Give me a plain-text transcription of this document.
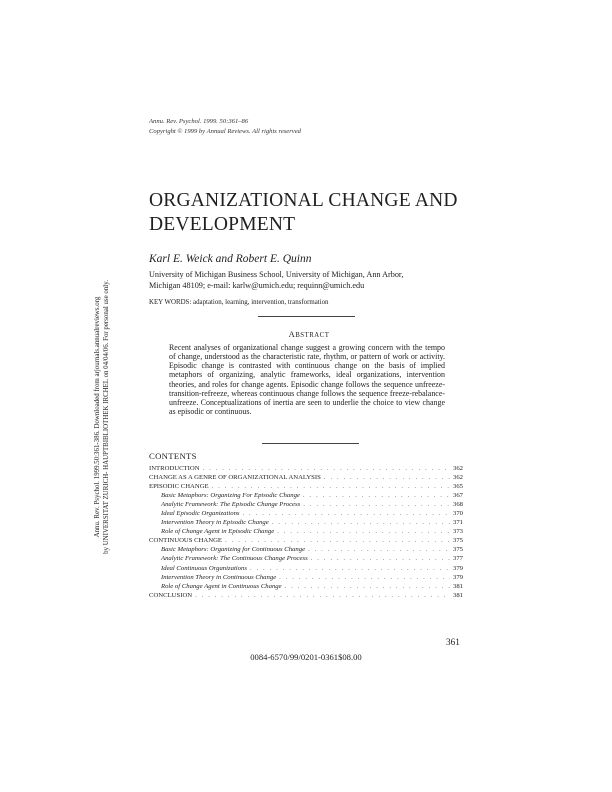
Annu. Rev. Psychol. 1999. 50:361–86
Copyright © 1999 by Annual Reviews. All rights reserved
ORGANIZATIONAL CHANGE AND
DEVELOPMENT
Karl E. Weick and Robert E. Quinn
University of Michigan Business School, University of Michigan, Ann Arbor,
Michigan 48109; e-mail: karlw@umich.edu; requinn@umich.edu
KEY WORDS: adaptation, learning, intervention, transformation
ABSTRACT
Recent analyses of organizational change suggest a growing concern with the tempo of change, understood as the characteristic rate, rhythm, or pattern of work or activity. Episodic change is contrasted with continuous change on the basis of implied metaphors of organizing, analytic frameworks, ideal organizations, intervention theories, and roles for change agents. Episodic change follows the sequence unfreeze-transition-refreeze, whereas continuous change follows the sequence freeze-rebalance-unfreeze. Conceptualizations of inertia are seen to underlie the choice to view change as episodic or continuous.
CONTENTS
INTRODUCTION . . .	362
CHANGE AS A GENRE OF ORGANIZATIONAL ANALYSIS . . .	362
EPISODIC CHANGE . . .	365
Basic Metaphors: Organizing For Episodic Change . . .	367
Analytic Framework: The Episodic Change Process . . .	368
Ideal Episodic Organizations . . .	370
Intervention Theory in Episodic Change . . .	371
Role of Change Agent in Episodic Change . . .	373
CONTINUOUS CHANGE . . .	375
Basic Metaphors: Organizing for Continuous Change . . .	375
Analytic Framework: The Continuous Change Process . . .	377
Ideal Continuous Organizations . . .	379
Intervention Theory in Continuous Change . . .	379
Role of Change Agent in Continuous Change . . .	381
CONCLUSION . . .	381
361
0084-6570/99/0201-0361$08.00
Annu. Rev. Psychol. 1999.50:361-386. Downloaded from arjournals.annualreviews.org by UNIVERSITAT ZURICH- HAUPTBIBLIOTHEK IRCHEL on 04/04/06. For personal use only.
